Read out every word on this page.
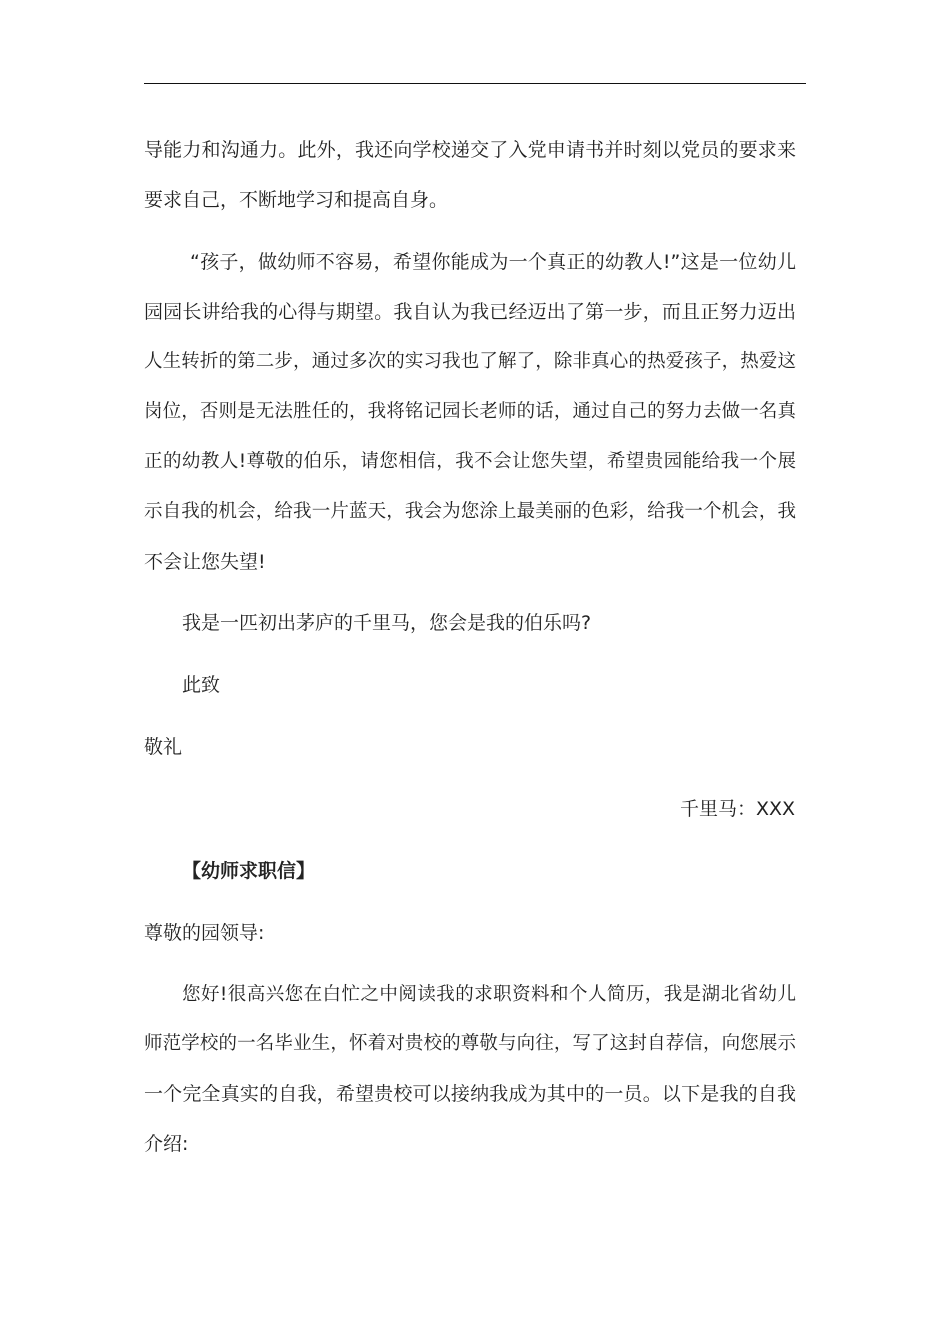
导能力和沟通力。此外，我还向学校递交了入党申请书并时刻以党员的要求来
要求自己，不断地学习和提高自身。
“孩子，做幼师不容易，希望你能成为一个真正的幼教人!”这是一位幼儿
园园长讲给我的心得与期望。我自认为我已经迈出了第一步，而且正努力迈出
人生转折的第二步，通过多次的实习我也了解了，除非真心的热爱孩子，热爱这
岗位，否则是无法胜任的，我将铭记园长老师的话，通过自己的努力去做一名真
正的幼教人!尊敬的伯乐，请您相信，我不会让您失望，希望贵园能给我一个展
示自我的机会，给我一片蓝天，我会为您涂上最美丽的色彩，给我一个机会，我
不会让您失望!
我是一匹初出茅庐的千里马，您会是我的伯乐吗?
此致
敬礼
千里马：XXX
【幼师求职信】
尊敬的园领导:
您好!很高兴您在白忙之中阅读我的求职资料和个人简历，我是湖北省幼儿
师范学校的一名毕业生，怀着对贵校的尊敬与向往，写了这封自荐信，向您展示
一个完全真实的自我，希望贵校可以接纳我成为其中的一员。以下是我的自我
介绍:
